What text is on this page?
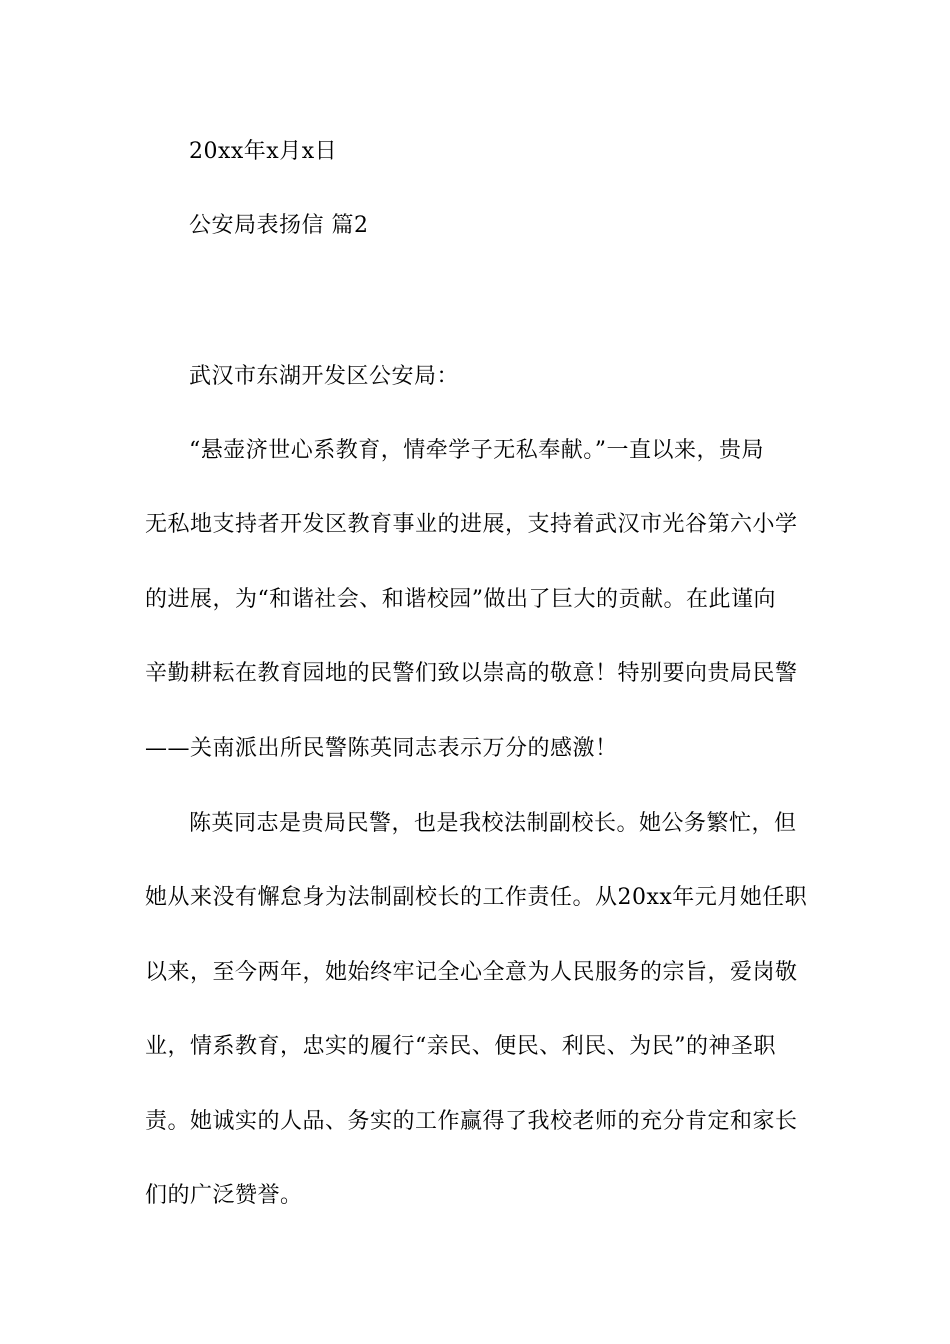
20xx年x月x日
公安局表扬信 篇2
武汉市东湖开发区公安局：
“悬壶济世心系教育，情牵学子无私奉献。”一直以来，贵局
无私地支持者开发区教育事业的进展，支持着武汉市光谷第六小学
的进展，为“和谐社会、和谐校园”做出了巨大的贡献。在此谨向
辛勤耕耘在教育园地的民警们致以崇高的敬意！特别要向贵局民警
——关南派出所民警陈英同志表示万分的感激！
陈英同志是贵局民警，也是我校法制副校长。她公务繁忙，但
她从来没有懈怠身为法制副校长的工作责任。从20xx年元月她任职
以来，至今两年，她始终牢记全心全意为人民服务的宗旨，爱岗敬
业，情系教育，忠实的履行“亲民、便民、利民、为民”的神圣职
责。她诚实的人品、务实的工作赢得了我校老师的充分肯定和家长
们的广泛赞誉。
